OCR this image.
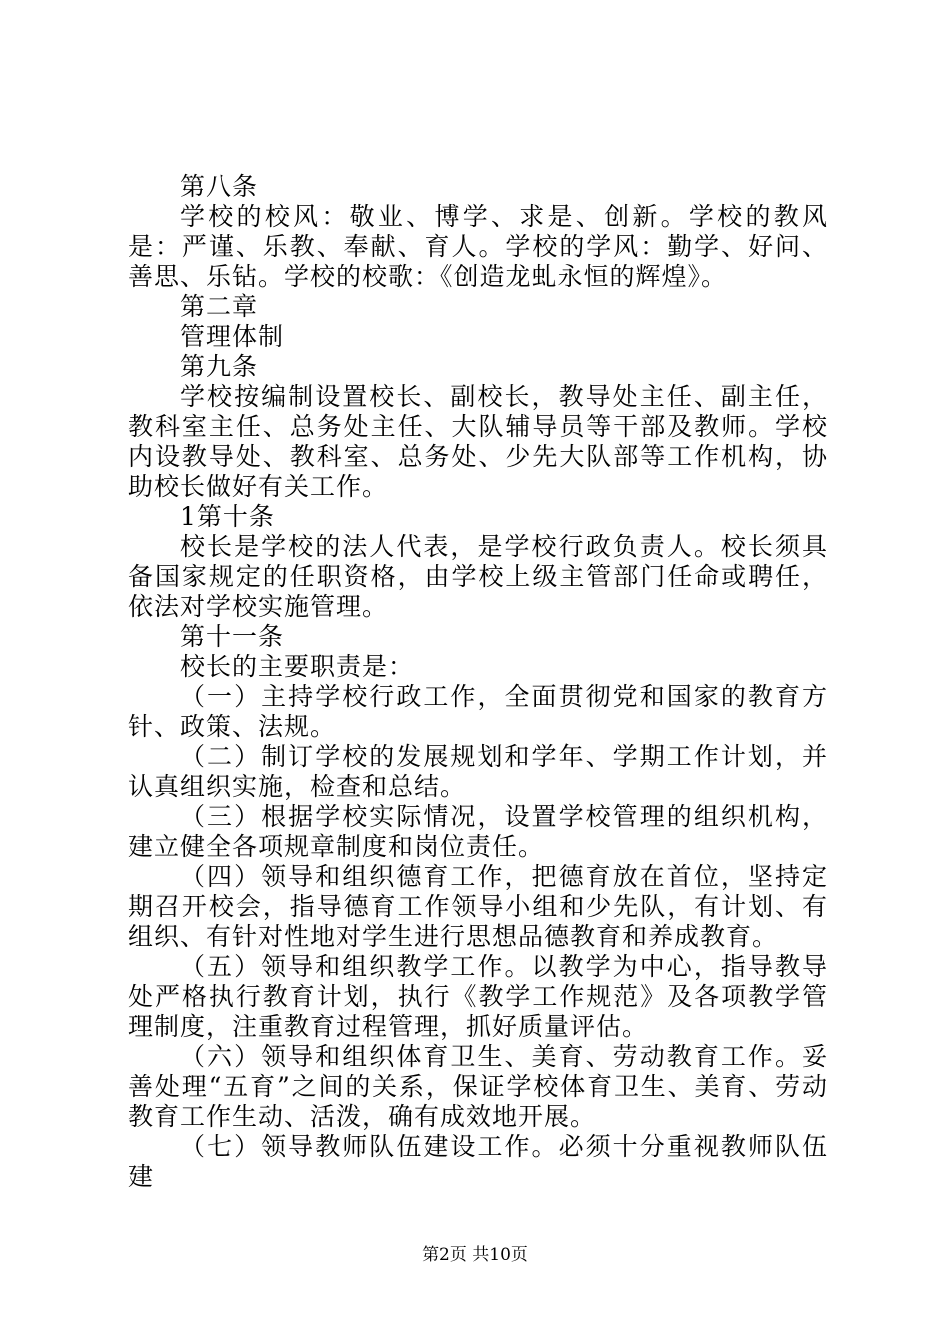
第八条

学校的校风：敬业、博学、求是、创新。学校的教风是：严谨、乐教、奉献、育人。学校的学风：勤学、好问、善思、乐钻。学校的校歌：《创造龙虬永恒的辉煌》。

第二章

管理体制

第九条

学校按编制设置校长、副校长，教导处主任、副主任，教科室主任、总务处主任、大队辅导员等干部及教师。学校内设教导处、教科室、总务处、少先大队部等工作机构，协助校长做好有关工作。

1第十条

校长是学校的法人代表，是学校行政负责人。校长须具备国家规定的任职资格，由学校上级主管部门任命或聘任，依法对学校实施管理。

第十一条

校长的主要职责是：

（一）主持学校行政工作，全面贯彻党和国家的教育方针、政策、法规。

（二）制订学校的发展规划和学年、学期工作计划，并认真组织实施，检查和总结。

（三）根据学校实际情况，设置学校管理的组织机构，建立健全各项规章制度和岗位责任。

（四）领导和组织德育工作，把德育放在首位，坚持定期召开校会，指导德育工作领导小组和少先队，有计划、有组织、有针对性地对学生进行思想品德教育和养成教育。

（五）领导和组织教学工作。以教学为中心，指导教导处严格执行教育计划，执行《教学工作规范》及各项教学管理制度，注重教育过程管理，抓好质量评估。

（六）领导和组织体育卫生、美育、劳动教育工作。妥善处理“五育”之间的关系，保证学校体育卫生、美育、劳动教育工作生动、活泼，确有成效地开展。

（七）领导教师队伍建设工作。必须十分重视教师队伍建

第2页 共10页
